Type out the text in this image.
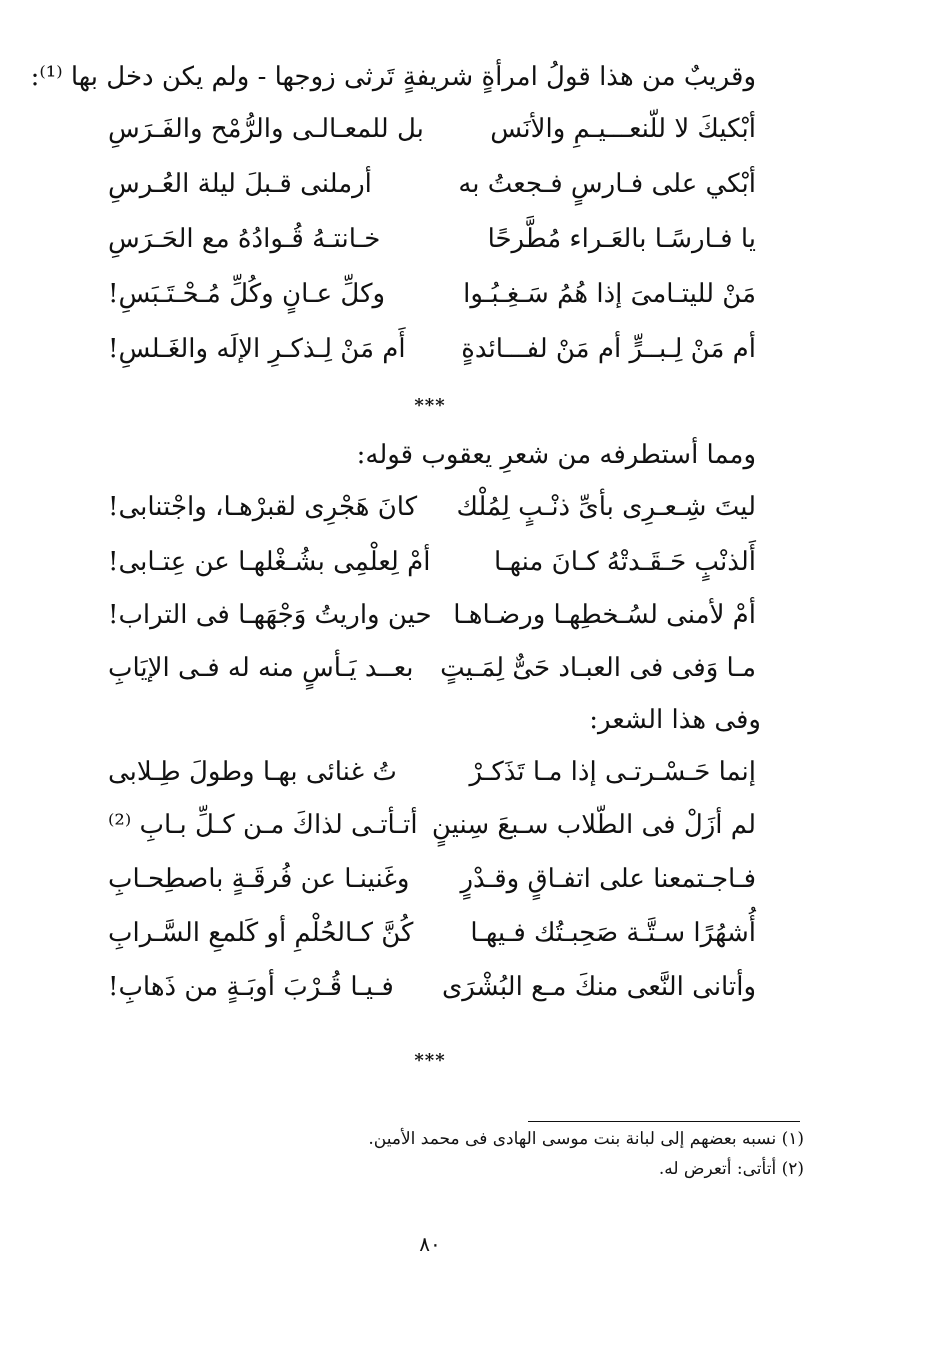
وقريبٌ من هذا قولُ امرأةٍ شريفةٍ تَرثى زوجها - ولم يكن دخل بها ⁽¹⁾:
أبْكيكَ لا للّنعـــيـمِ والأنَس
بل للمعـالـى والرُّمْح والفَـرَسِ
أبْكي على فـارسٍ فـجعتُ به
أرملنى قـبلَ ليلة العُـرسِ
يا فـارسًـا بالعَـراء مُطَّرحًا
خـانتـهُ قُـوادُهُ مع الحَـرَسِ
مَنْ لليتـامىَ إذا هُمُ سَـغِـبُـوا
وكلِّ عـانٍ وكُلِّ مُـحْـتَـبَسِ!
أم مَنْ لِـبــرٍّ أم مَنْ لفـــائدةٍ
أَم مَنْ لِـذكـرِ الإلَه والغَـلسِ!
***
ومما أستطرفه من شعرِ يعقوب قوله:
ليتَ شِـعـرِى بأىِّ ذنْـبٍ لِمُلْك
كانَ هَجْرِى لقبرْهـا، واجْتنابى!
أَلذنْبٍ حَـقَـدتْهُ كـانَ منهـا
أمْ لِعلْمِى بشُـغْلهـا عن عِتـابى!
أمْ لأمنى لسُـخطِهـا ورضـاهـا
حين واريتُ وَجْهَهـا فى التراب!
مـا وَفى فى العبـاد حَىٌّ لِمَـيتٍ
بعــد يَـأسٍ منه له فـى الإيَابِ
وفى هذا الشعر:
إنما حَـسْـرتـى إذا مـا تَذَكـرْ
تُ غنائى بهـا وطولَ طِـلابى
لم أزَلْ فى الطّلاب سـبعَ سِنينٍ
أتـأتـى لذاكَ مـن كـلِّ بـابِ ⁽²⁾
فـاجـتمعنا على اتفـاقٍ وقـدْرٍ
وغَنينـا عن فُرقَـةٍ باصطِحـابِ
أُشهُرًا سـتَّـة صَحِبـتُك فـيهـا
كُنَّ كـالحُلْمِ أو كَلمعِ السَّـرابِ
وأتانى النَّعى منكَ مـع البُشْرَى
فـيـا قُـرْبَ أوبَـةٍ من ذَهابِ!
***
(١) نسبه بعضهم إلى لبانة بنت موسى الهادى فى محمد الأمين.
(٢) أتأتى: أتعرض له.
٨٠
